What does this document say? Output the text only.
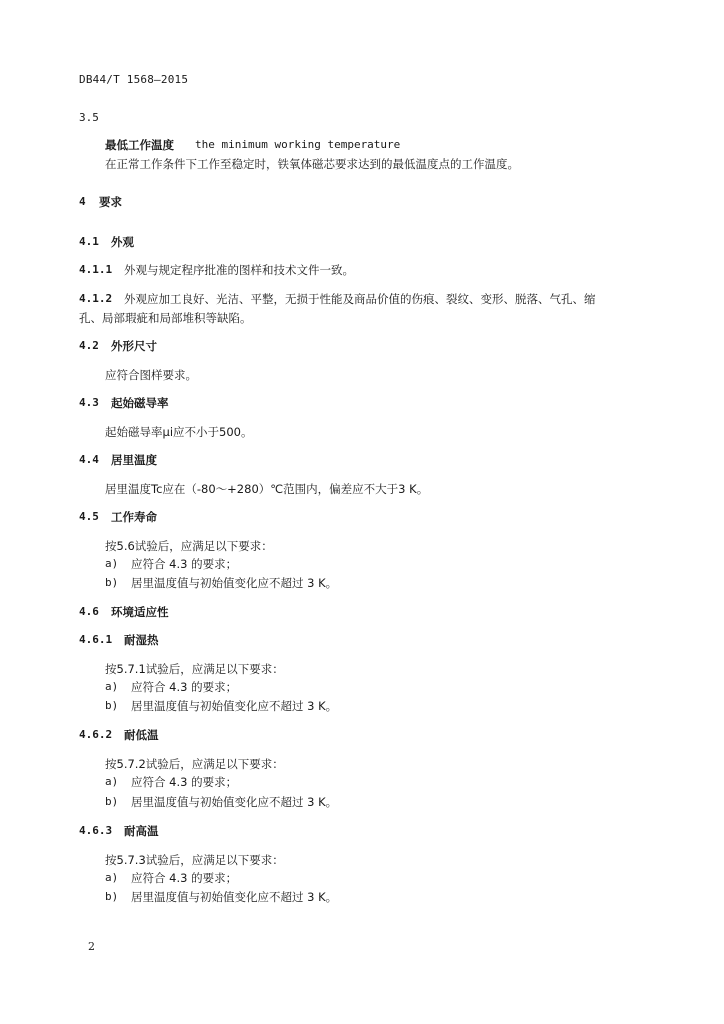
DB44/T 1568—2015
3.5
最低工作温度 the minimum working temperature
在正常工作条件下工作至稳定时，铁氧体磁芯要求达到的最低温度点的工作温度。
4 要求
4.1 外观
4.1.1 外观与规定程序批准的图样和技术文件一致。
4.1.2 外观应加工良好、光洁、平整，无损于性能及商品价值的伤痕、裂纹、变形、脱落、气孔、缩
孔、局部瑕疵和局部堆积等缺陷。
4.2 外形尺寸
应符合图样要求。
4.3 起始磁导率
起始磁导率μi应不小于500。
4.4 居里温度
居里温度Tc应在（-80～+280）℃范围内，偏差应不大于3 K。
4.5 工作寿命
按5.6试验后，应满足以下要求：
a) 应符合 4.3 的要求；
b) 居里温度值与初始值变化应不超过 3 K。
4.6 环境适应性
4.6.1 耐湿热
按5.7.1试验后，应满足以下要求：
a) 应符合 4.3 的要求；
b) 居里温度值与初始值变化应不超过 3 K。
4.6.2 耐低温
按5.7.2试验后，应满足以下要求：
a) 应符合 4.3 的要求；
b) 居里温度值与初始值变化应不超过 3 K。
4.6.3 耐高温
按5.7.3试验后，应满足以下要求：
a) 应符合 4.3 的要求；
b) 居里温度值与初始值变化应不超过 3 K。
2
